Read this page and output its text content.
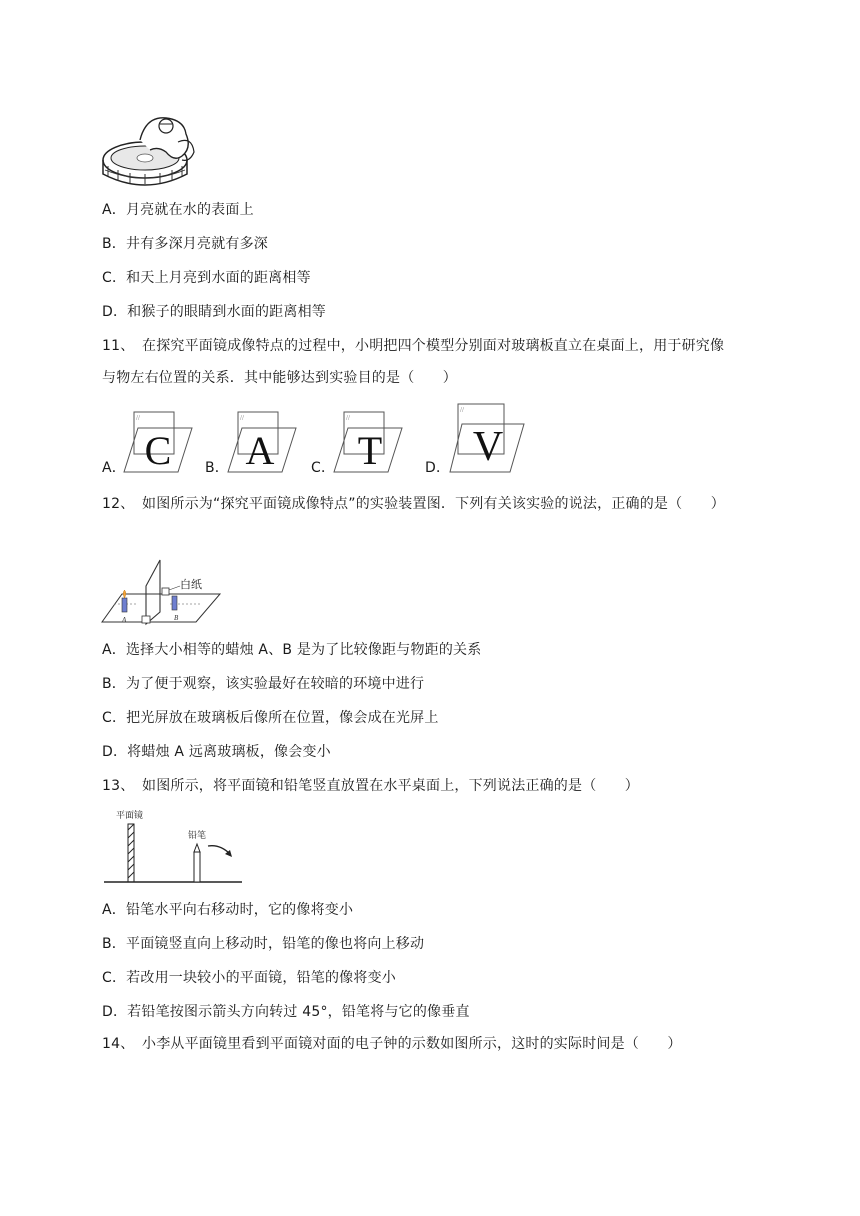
A．月亮就在水的表面上
B．井有多深月亮就有多深
C．和天上月亮到水面的距离相等
D．和猴子的眼睛到水面的距离相等
11、 在探究平面镜成像特点的过程中，小明把四个模型分别面对玻璃板直立在桌面上，用于研究像
与物左右位置的关系．其中能够达到实验目的是（　　）
A．
//
C B．
//
A	C．
//
T	D．
//
V
12、 如图所示为“探究平面镜成像特点”的实验装置图．下列有关该实验的说法，正确的是（　　）
白纸
A	B
A．选择大小相等的蜡烛 A、B 是为了比较像距与物距的关系
B．为了便于观察，该实验最好在较暗的环境中进行
C．把光屏放在玻璃板后像所在位置，像会成在光屏上
D．将蜡烛 A 远离玻璃板，像会变小
13、 如图所示，将平面镜和铅笔竖直放置在水平桌面上，下列说法正确的是（　　）
平面镜
铅笔
A．铅笔水平向右移动时，它的像将变小
B．平面镜竖直向上移动时，铅笔的像也将向上移动
C．若改用一块较小的平面镜，铅笔的像将变小
D．若铅笔按图示箭头方向转过 45°，铅笔将与它的像垂直
14、 小李从平面镜里看到平面镜对面的电子钟的示数如图所示，这时的实际时间是（　　）
